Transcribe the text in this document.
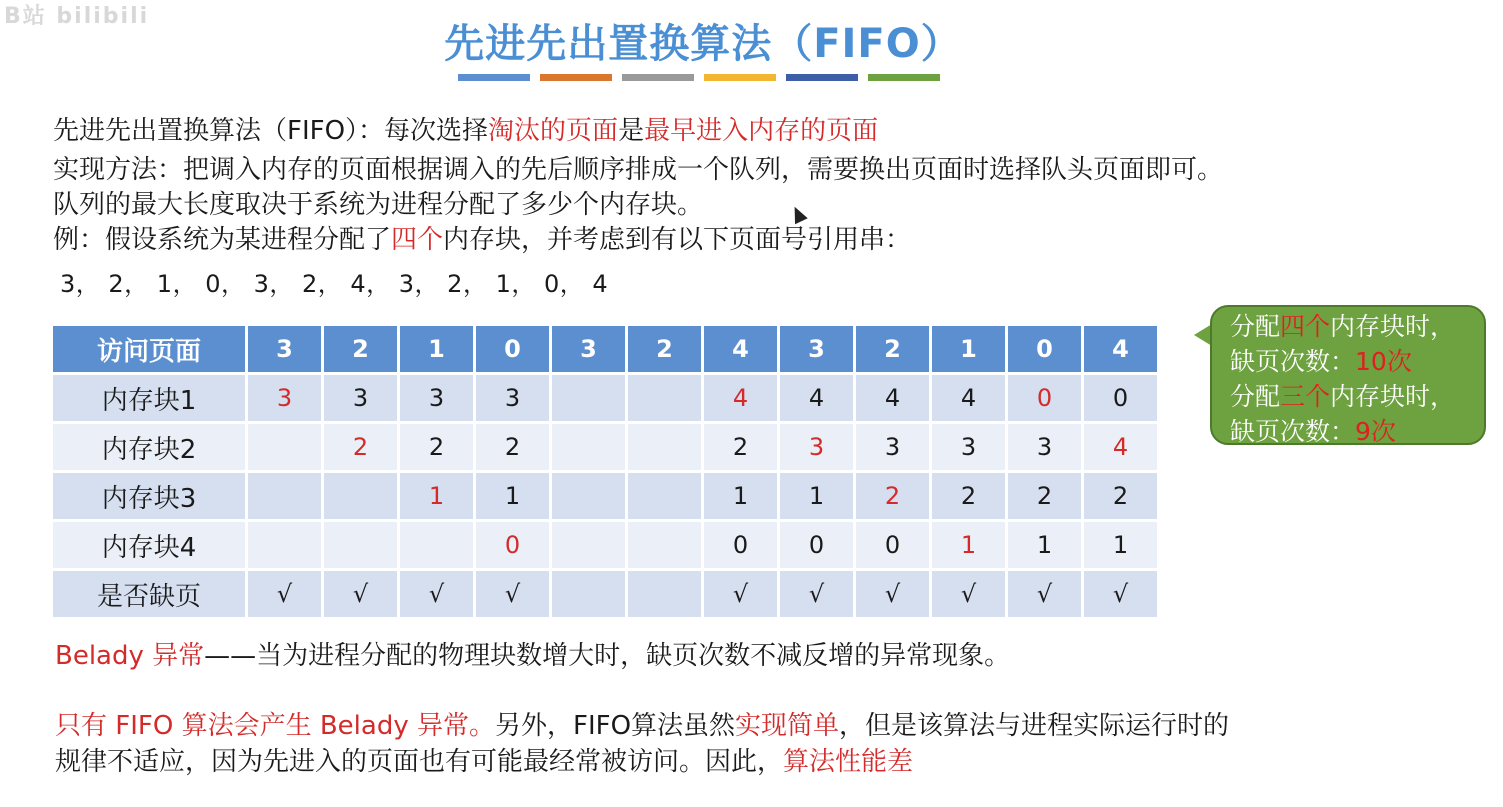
B站 bilibili
先进先出置换算法（FIFO）
先进先出置换算法（FIFO）：每次选择淘汰的页面是最早进入内存的页面
实现方法：把调入内存的页面根据调入的先后顺序排成一个队列，需要换出页面时选择队头页面即可。
队列的最大长度取决于系统为进程分配了多少个内存块。
例：假设系统为某进程分配了四个内存块，并考虑到有以下页面号引用串：
3， 2， 1， 0， 3， 2， 4， 3， 2， 1， 0， 4
访问页面	3	2	1	0	3	2	4	3	2	1	0	4
内存块1	3	3	3	3			4	4	4	4	0	0
内存块2		2	2	2			2	3	3	3	3	4
内存块3			1	1			1	1	2	2	2	2
内存块4				0			0	0	0	1	1	1
是否缺页	√	√	√	√			√	√	√	√	√	√
分配四个内存块时，
缺页次数：10次
分配三个内存块时，
缺页次数：9次
Belady 异常——当为进程分配的物理块数增大时，缺页次数不减反增的异常现象。
只有 FIFO 算法会产生 Belady 异常。另外，FIFO算法虽然实现简单，但是该算法与进程实际运行时的
规律不适应，因为先进入的页面也有可能最经常被访问。因此，算法性能差
